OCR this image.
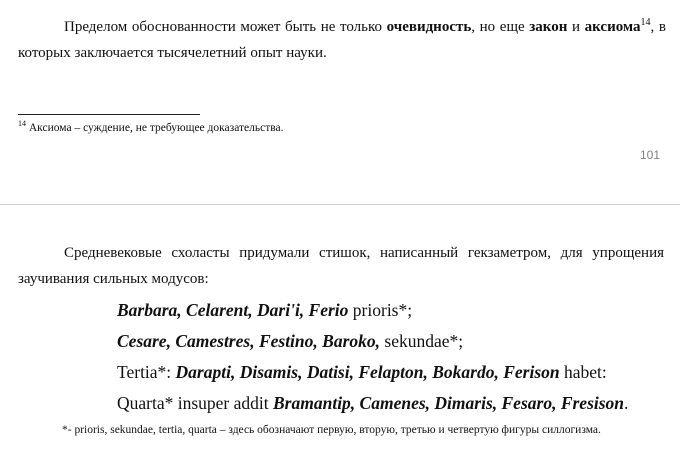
Пределом обоснованности может быть не только очевидность, но еще закон и аксиома$^{14}$, в которых заключается тысячелетний опыт науки.
$^{14}$ Аксиома – суждение, не требующее доказательства.
101
Средневековые схоласты придумали стишок, написанный гекзаметром, для упрощения заучивания сильных модусов:
Barbara, Celarent, Dari'i, Ferio prioris*;
Cesare, Camestres, Festino, Baroko, sekundae*;
Tertia*: Darapti, Disamis, Datisi, Felapton, Bokardo, Ferison habet:
Quarta* insuper addit Bramantip, Camenes, Dimaris, Fesaro, Fresison.
*- prioris, sekundae, tertia, quarta – здесь обозначают первую, вторую, третью и четвертую фигуры силлогизма.
